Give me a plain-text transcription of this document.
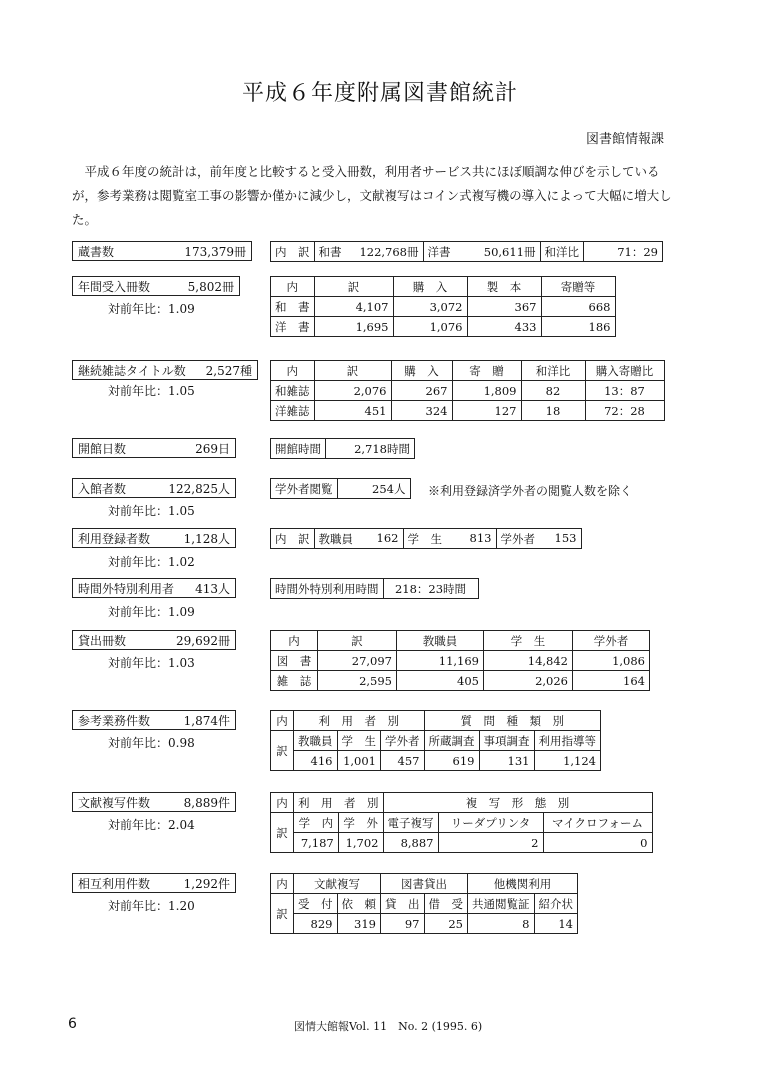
平成６年度附属図書館統計
図書館情報課
平成６年度の統計は，前年度と比較すると受入冊数，利用者サービス共にほぼ順調な伸びを示しているが，参考業務は閲覧室工事の影響か僅かに減少し，文献複写はコイン式複写機の導入によって大幅に増大した。
蔵書数	173,379冊	内　訳	和書 122,768冊	洋書	50,611冊	和洋比	71：29
年間受入冊数	5,802冊
対前年比：1.09
内	訳	購　入	製　本	寄贈等
和　書	4,107	3,072	367	668
洋　書	1,695	1,076	433	186
継続雑誌タイトル数 2,527種
対前年比：1.05
内	訳	購　入	寄　贈	和洋比	購入寄贈比
和雑誌	2,076	267	1,809	82	13：87
洋雑誌	451	324	127	18	72：28
開館日数	269日	開館時間	2,718時間
入館者数	122,825人
対前年比：1.05
学外者閲覧	254人 ※利用登録済学外者の閲覧人数を除く
利用登録者数	1,128人
対前年比：1.02
内　訳	教職員 162	学　生 813	学外者 153
時間外特別利用者 413人
対前年比：1.09
時間外特別利用時間	218：23時間
貸出冊数	29,692冊
対前年比：1.03
内	訳	教職員	学　生	学外者
図　書	27,097	11,169	14,842	1,086
雑　誌	2,595	405	2,026	164
参考業務件数	1,874件
対前年比：0.98
内	利　用　者　別			質　問　種　類　別		
訳	教職員	学　生	学外者	所蔵調査	事項調査	利用指導等
	416	1,001	457	619	131	1,124
文献複写件数	8,889件
対前年比：2.04
内	利　用　者　別		複　写　形　態　別		
訳	学　内	学　外	電子複写	リーダプリンタ	マイクロフォーム
	7,187	1,702	8,887	2	0
相互利用件数	1,292件
対前年比：1.20
内	文献複写		図書貸出		他機関利用	
訳	受　付	依　頼	貸　出	借　受	共通閲覧証	紹介状
	829	319	97	25	8	14
6	図情大館報Vol. 11　No. 2 (1995. 6)
